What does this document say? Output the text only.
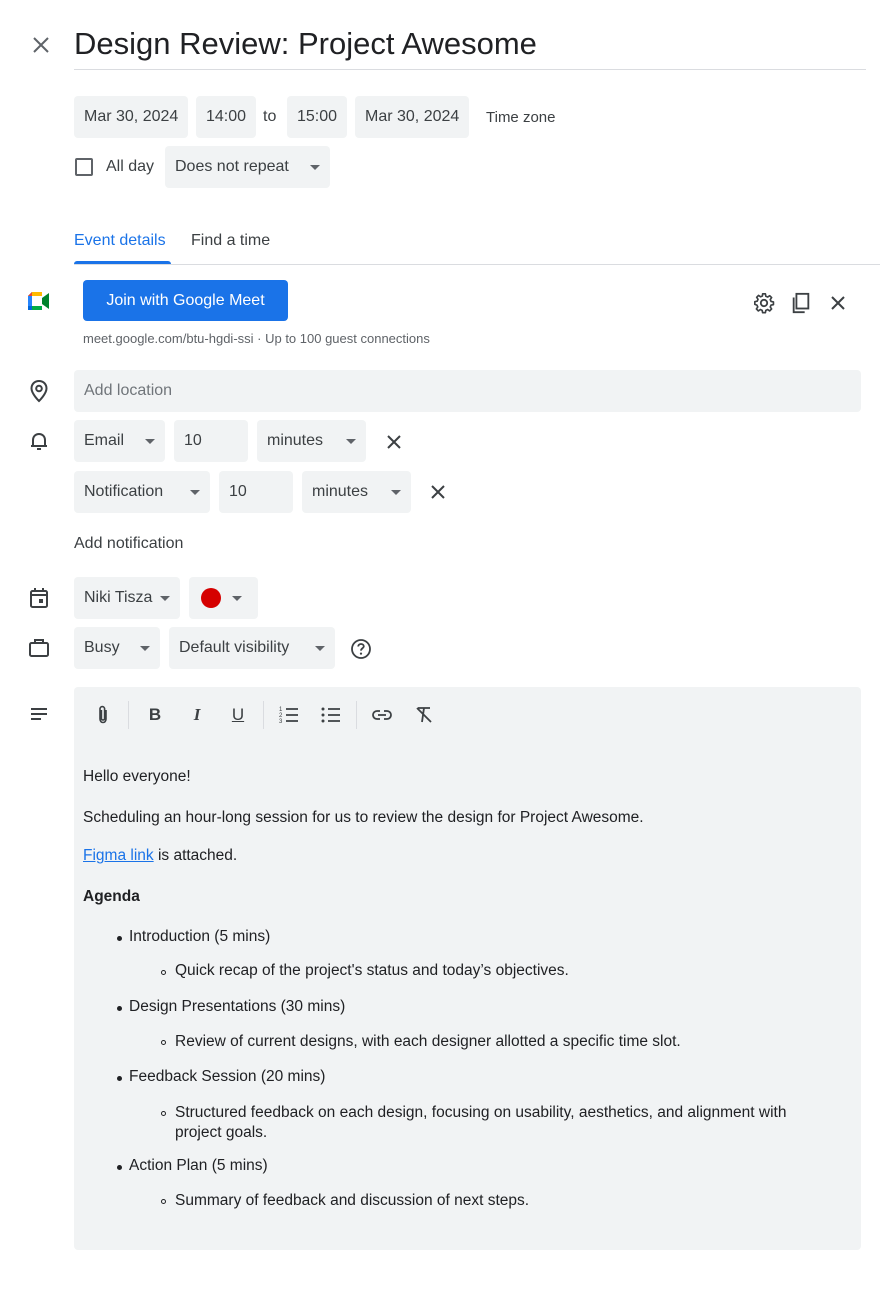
Design Review: Project Awesome
Mar 30, 2024	14:00	to	15:00	Mar 30, 2024	Time zone
All day Does not repeat
Event details Find a time
Join with Google Meet
meet.google.com/btu-hgdi-ssi · Up to 100 guest connections
Add location
Email	10	minutes
Notification	10	minutes
Add notification
Niki Tisza
Busy	Default visibility
B	I	U	1
2
3
Hello everyone!
Scheduling an hour-long session for us to review the design for Project Awesome.
Figma link is attached.
Agenda
Introduction (5 mins)
Quick recap of the project's status and today’s objectives.
Design Presentations (30 mins)
Review of current designs, with each designer allotted a specific time slot.
Feedback Session (20 mins)
Structured feedback on each design, focusing on usability, aesthetics, and alignment with project goals.
Action Plan (5 mins)
Summary of feedback and discussion of next steps.
